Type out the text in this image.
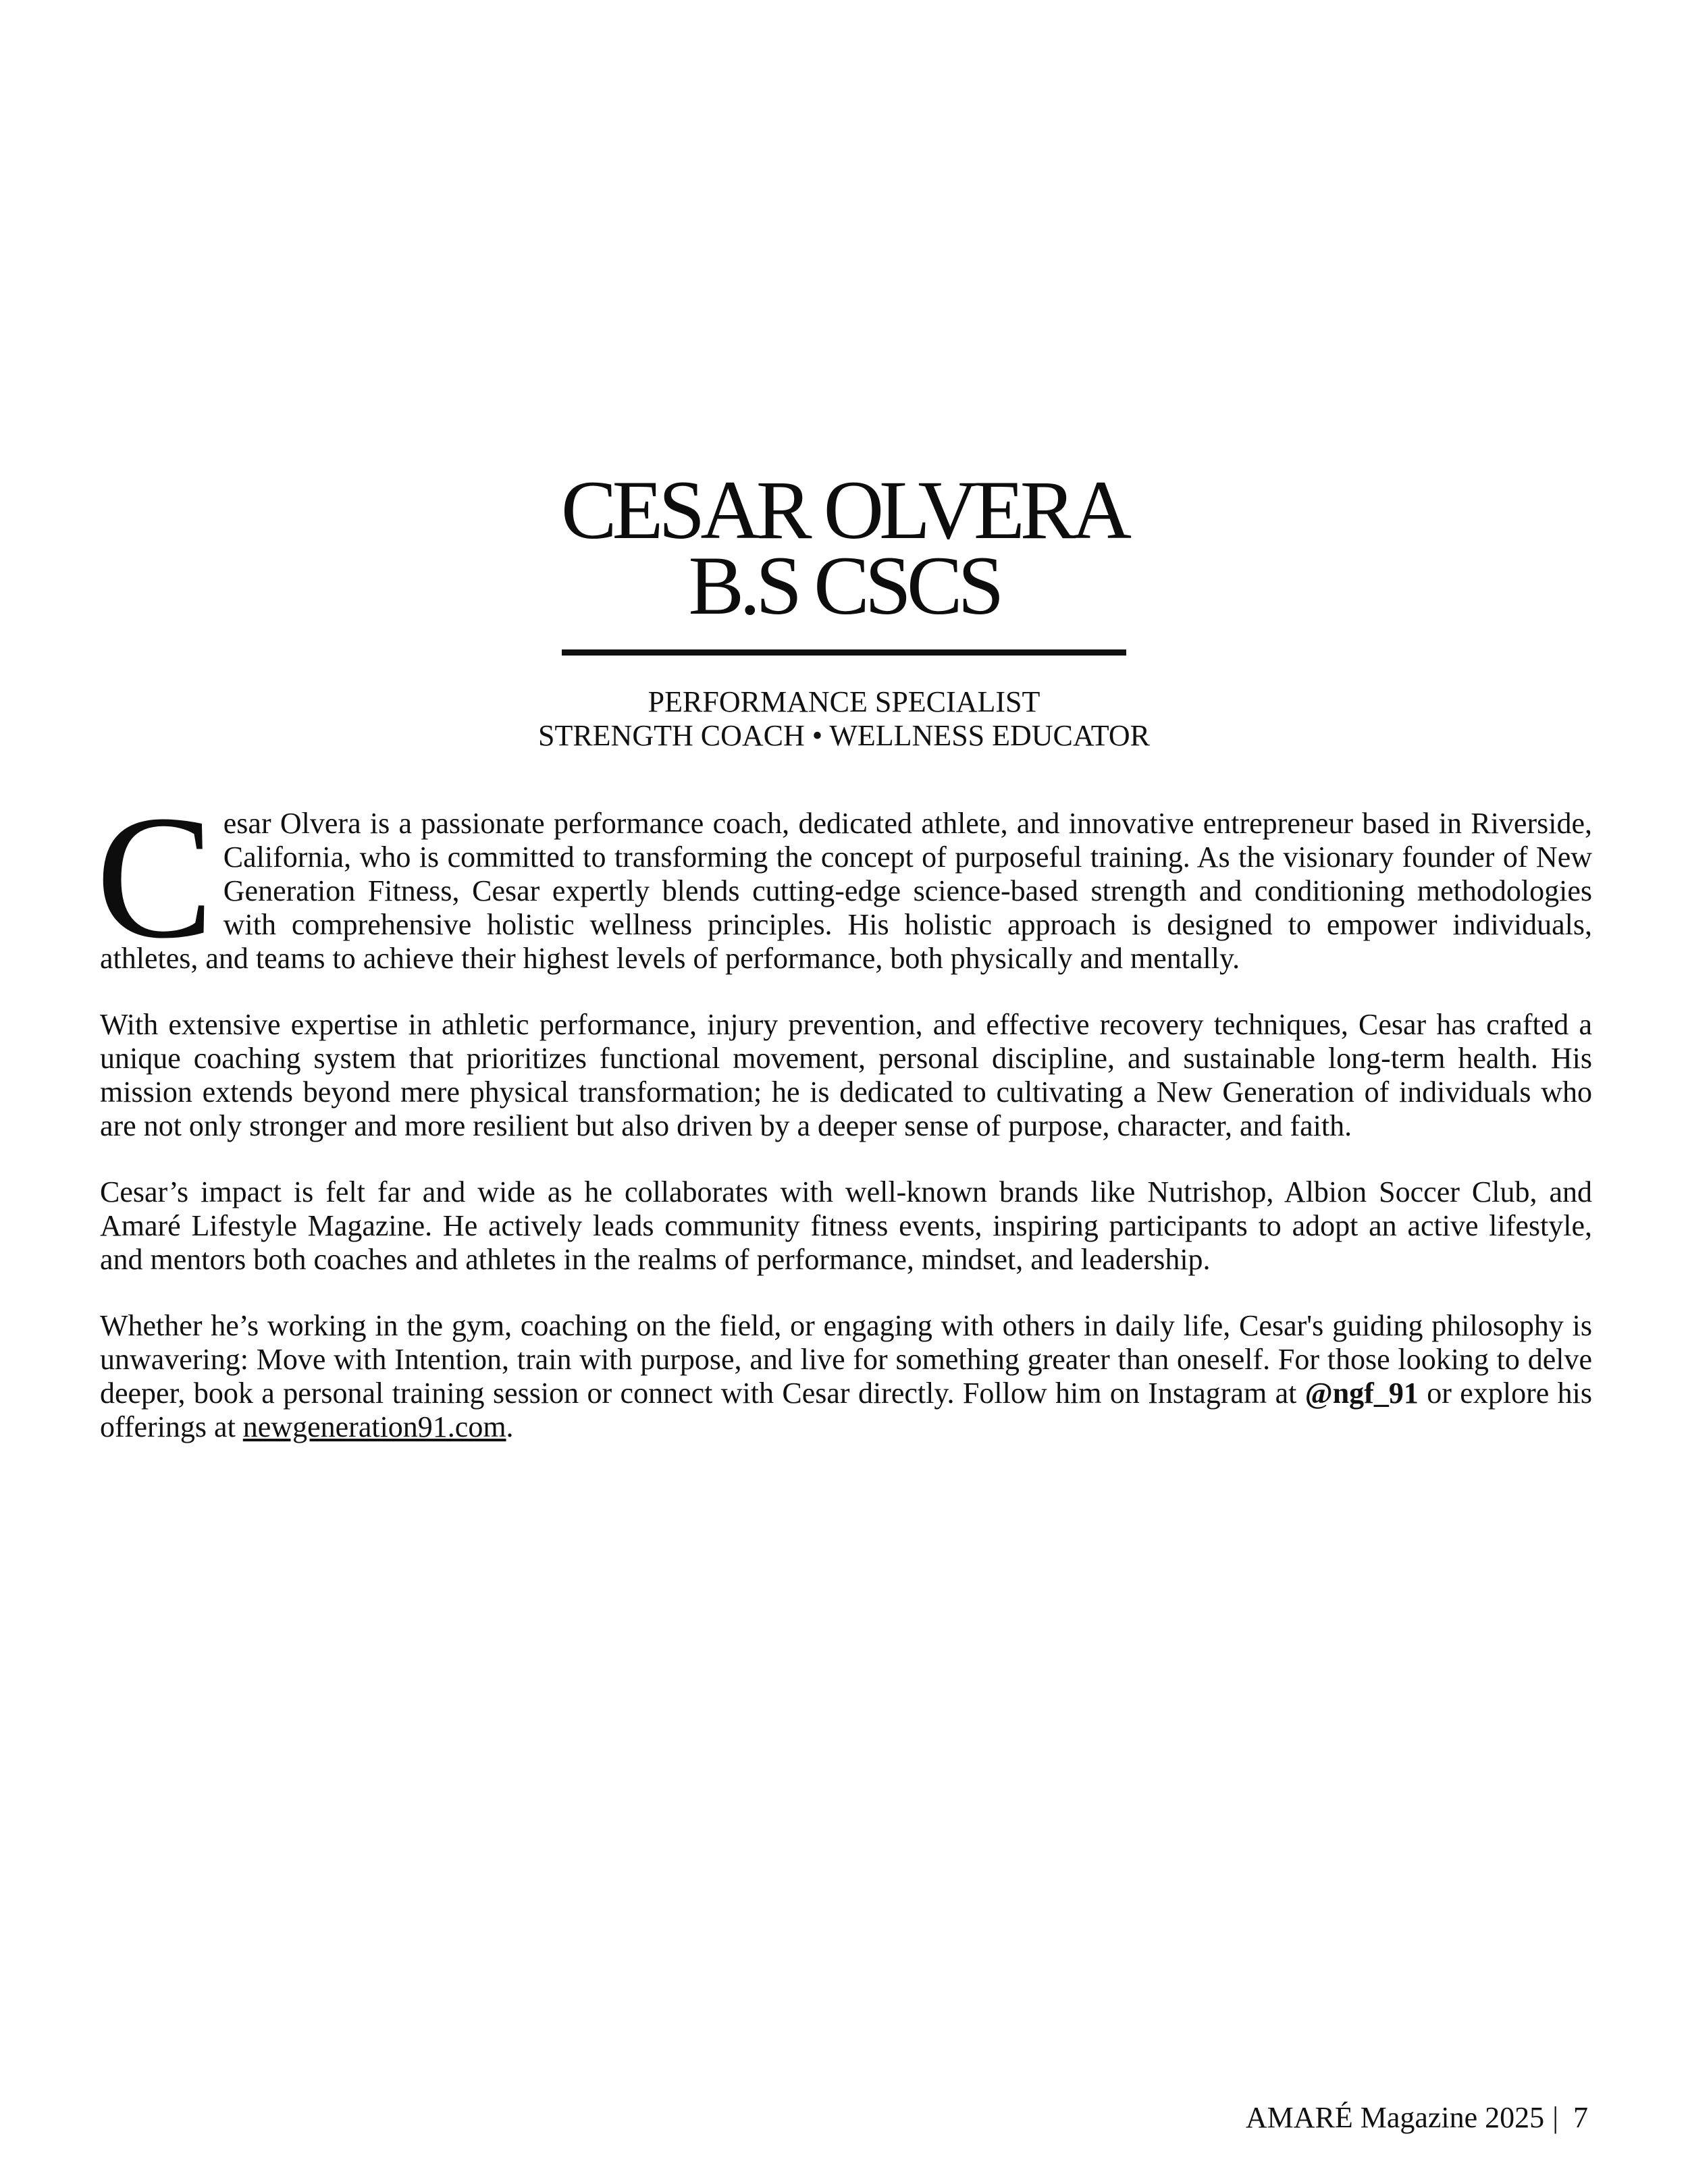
CESAR OLVERA
B.S CSCS
PERFORMANCE SPECIALIST
STRENGTH COACH • WELLNESS EDUCATOR

Cesar Olvera is a passionate performance coach, dedicated athlete, and innovative entrepreneur based in Riverside, California, who is committed to transforming the concept of purposeful training. As the visionary founder of New Generation Fitness, Cesar expertly blends cutting-edge science-based strength and conditioning methodologies with comprehensive holistic wellness principles. His holistic approach is designed to empower individuals, athletes, and teams to achieve their highest levels of performance, both physically and mentally.

With extensive expertise in athletic performance, injury prevention, and effective recovery techniques, Cesar has crafted a unique coaching system that prioritizes functional movement, personal discipline, and sustainable long-term health. His mission extends beyond mere physical transformation; he is dedicated to cultivating a New Generation of individuals who are not only stronger and more resilient but also driven by a deeper sense of purpose, character, and faith.

Cesar’s impact is felt far and wide as he collaborates with well-known brands like Nutrishop, Albion Soccer Club, and Amaré Lifestyle Magazine. He actively leads community fitness events, inspiring participants to adopt an active lifestyle, and mentors both coaches and athletes in the realms of performance, mindset, and leadership.

Whether he’s working in the gym, coaching on the field, or engaging with others in daily life, Cesar's guiding philosophy is unwavering: Move with Intention, train with purpose, and live for something greater than oneself. For those looking to delve deeper, book a personal training session or connect with Cesar directly. Follow him on Instagram at @ngf_91 or explore his offerings at newgeneration91.com.

AMARÉ Magazine 2025 | 7
